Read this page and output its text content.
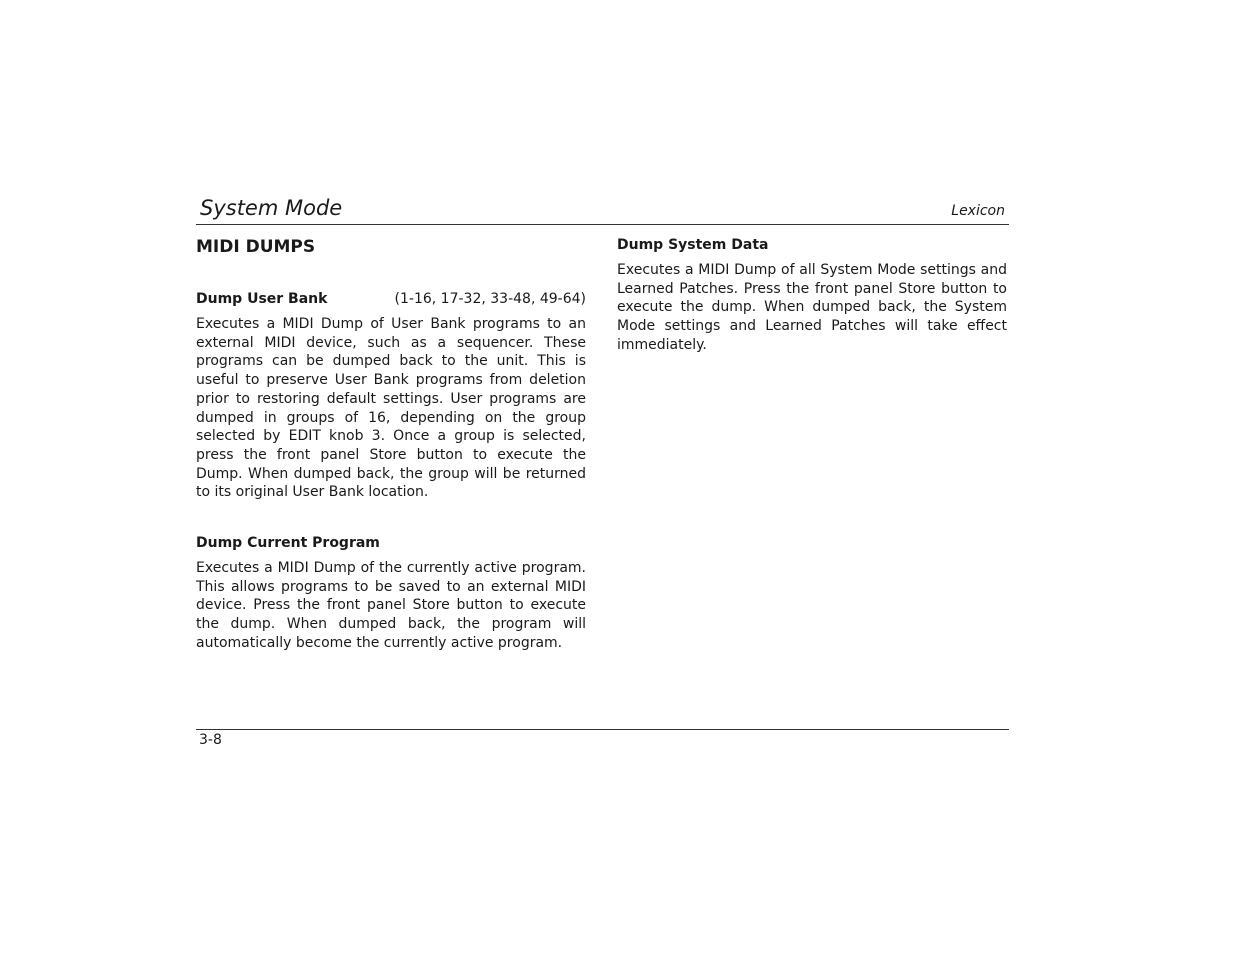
System Mode	Lexicon
MIDI DUMPS
Dump User Bank	(1-16, 17-32, 33-48, 49-64)

Executes a MIDI Dump of User Bank programs to an external MIDI device, such as a sequencer. These programs can be dumped back to the unit. This is useful to preserve User Bank programs from deletion prior to restoring default settings. User programs are dumped in groups of 16, depending on the group selected by EDIT knob 3. Once a group is selected, press the front panel Store button to execute the Dump. When dumped back, the group will be returned to its original User Bank location.

Dump Current Program

Executes a MIDI Dump of the currently active program. This allows programs to be saved to an external MIDI device. Press the front panel Store button to execute the dump. When dumped back, the program will automatically become the currently active program.

Dump System Data

Executes a MIDI Dump of all System Mode settings and Learned Patches. Press the front panel Store button to execute the dump. When dumped back, the System Mode settings and Learned Patches will take effect immediately.

3-8
